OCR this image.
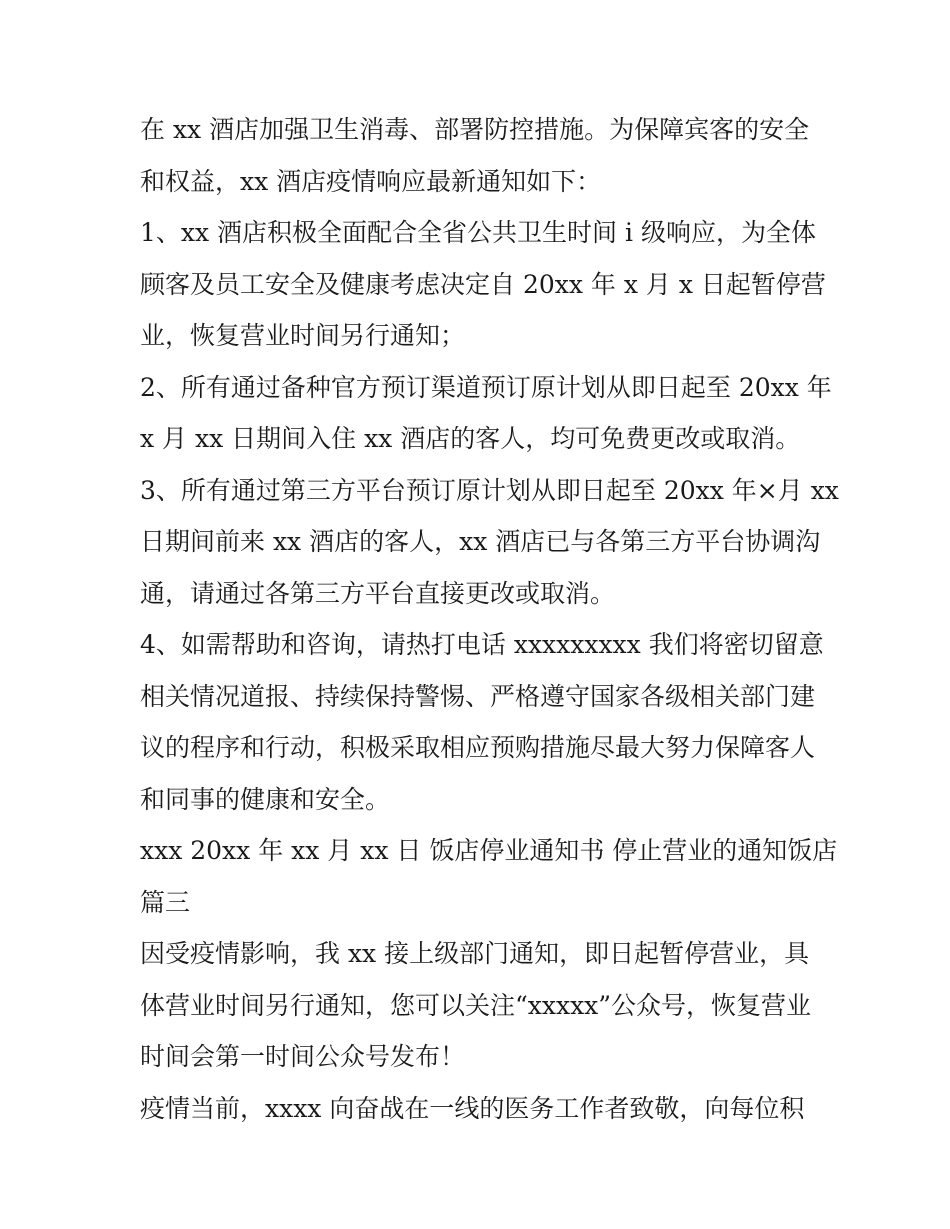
在 xx 酒店加强卫生消毒、部署防控措施。为保障宾客的安全
和权益，xx 酒店疫情响应最新通知如下：
1、xx 酒店积极全面配合全省公共卫生时间 i 级响应，为全体
顾客及员工安全及健康考虑决定自 20xx 年 x 月 x 日起暂停营
业，恢复营业时间另行通知；
2、所有通过备种官方预订渠道预订原计划从即日起至 20xx 年
x 月 xx 日期间入住 xx 酒店的客人，均可免费更改或取消。
3、所有通过第三方平台预订原计划从即日起至 20xx 年×月 xx
日期间前来 xx 酒店的客人，xx 酒店已与各第三方平台协调沟
通，请通过各第三方平台直接更改或取消。
4、如需帮助和咨询，请热打电话 xxxxxxxxx 我们将密切留意
相关情况道报、持续保持警惕、严格遵守国家各级相关部门建
议的程序和行动，积极采取相应预购措施尽最大努力保障客人
和同事的健康和安全。
xxx 20xx 年 xx 月 xx 日 饭店停业通知书 停止营业的通知饭店
篇三
因受疫情影响，我 xx 接上级部门通知，即日起暂停营业，具
体营业时间另行通知，您可以关注“xxxxx”公众号，恢复营业
时间会第一时间公众号发布！
疫情当前，xxxx 向奋战在一线的医务工作者致敬，向每位积
